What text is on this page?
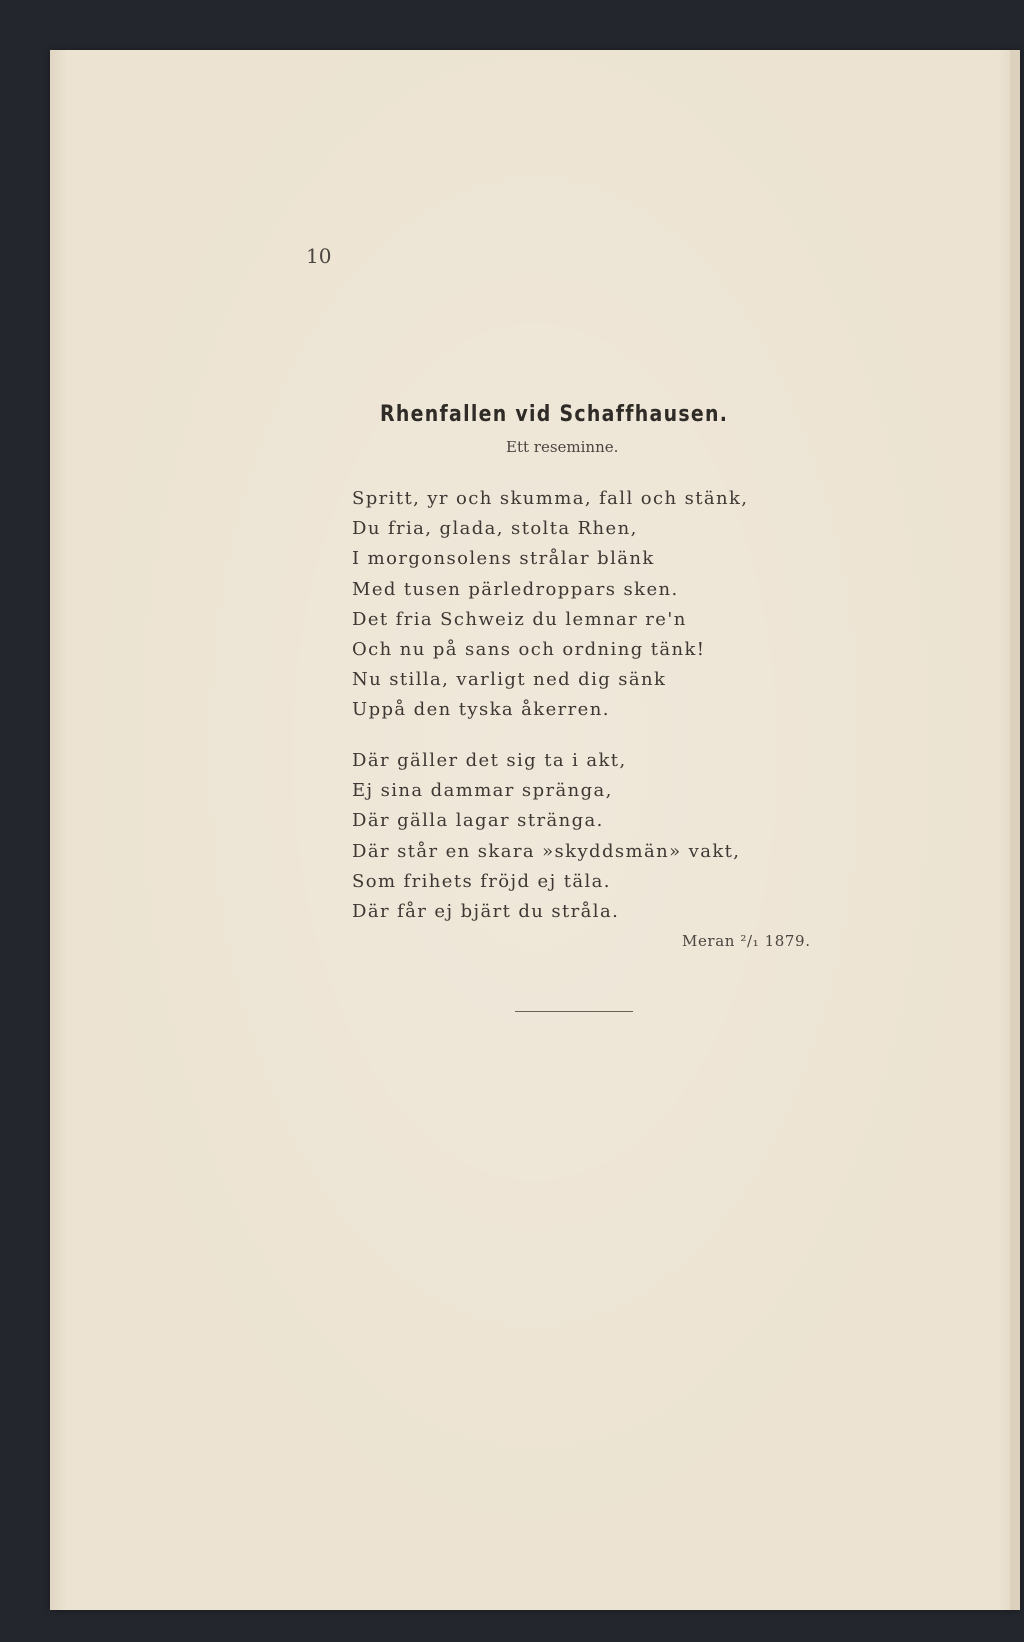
10
Rhenfallen vid Schaffhausen.
Ett reseminne.
Spritt, yr och skumma, fall och stänk,
Du fria, glada, stolta Rhen,
I morgonsolens strålar blänk
Med tusen pärledroppars sken.
Det fria Schweiz du lemnar re'n
Och nu på sans och ordning tänk!
Nu stilla, varligt ned dig sänk
Uppå den tyska åkerren.
Där gäller det sig ta i akt,
Ej sina dammar spränga,
Där gälla lagar stränga.
Där står en skara »skyddsmän» vakt,
Som frihets fröjd ej täla.
Där får ej bjärt du stråla.
Meran ²/₁ 1879.
